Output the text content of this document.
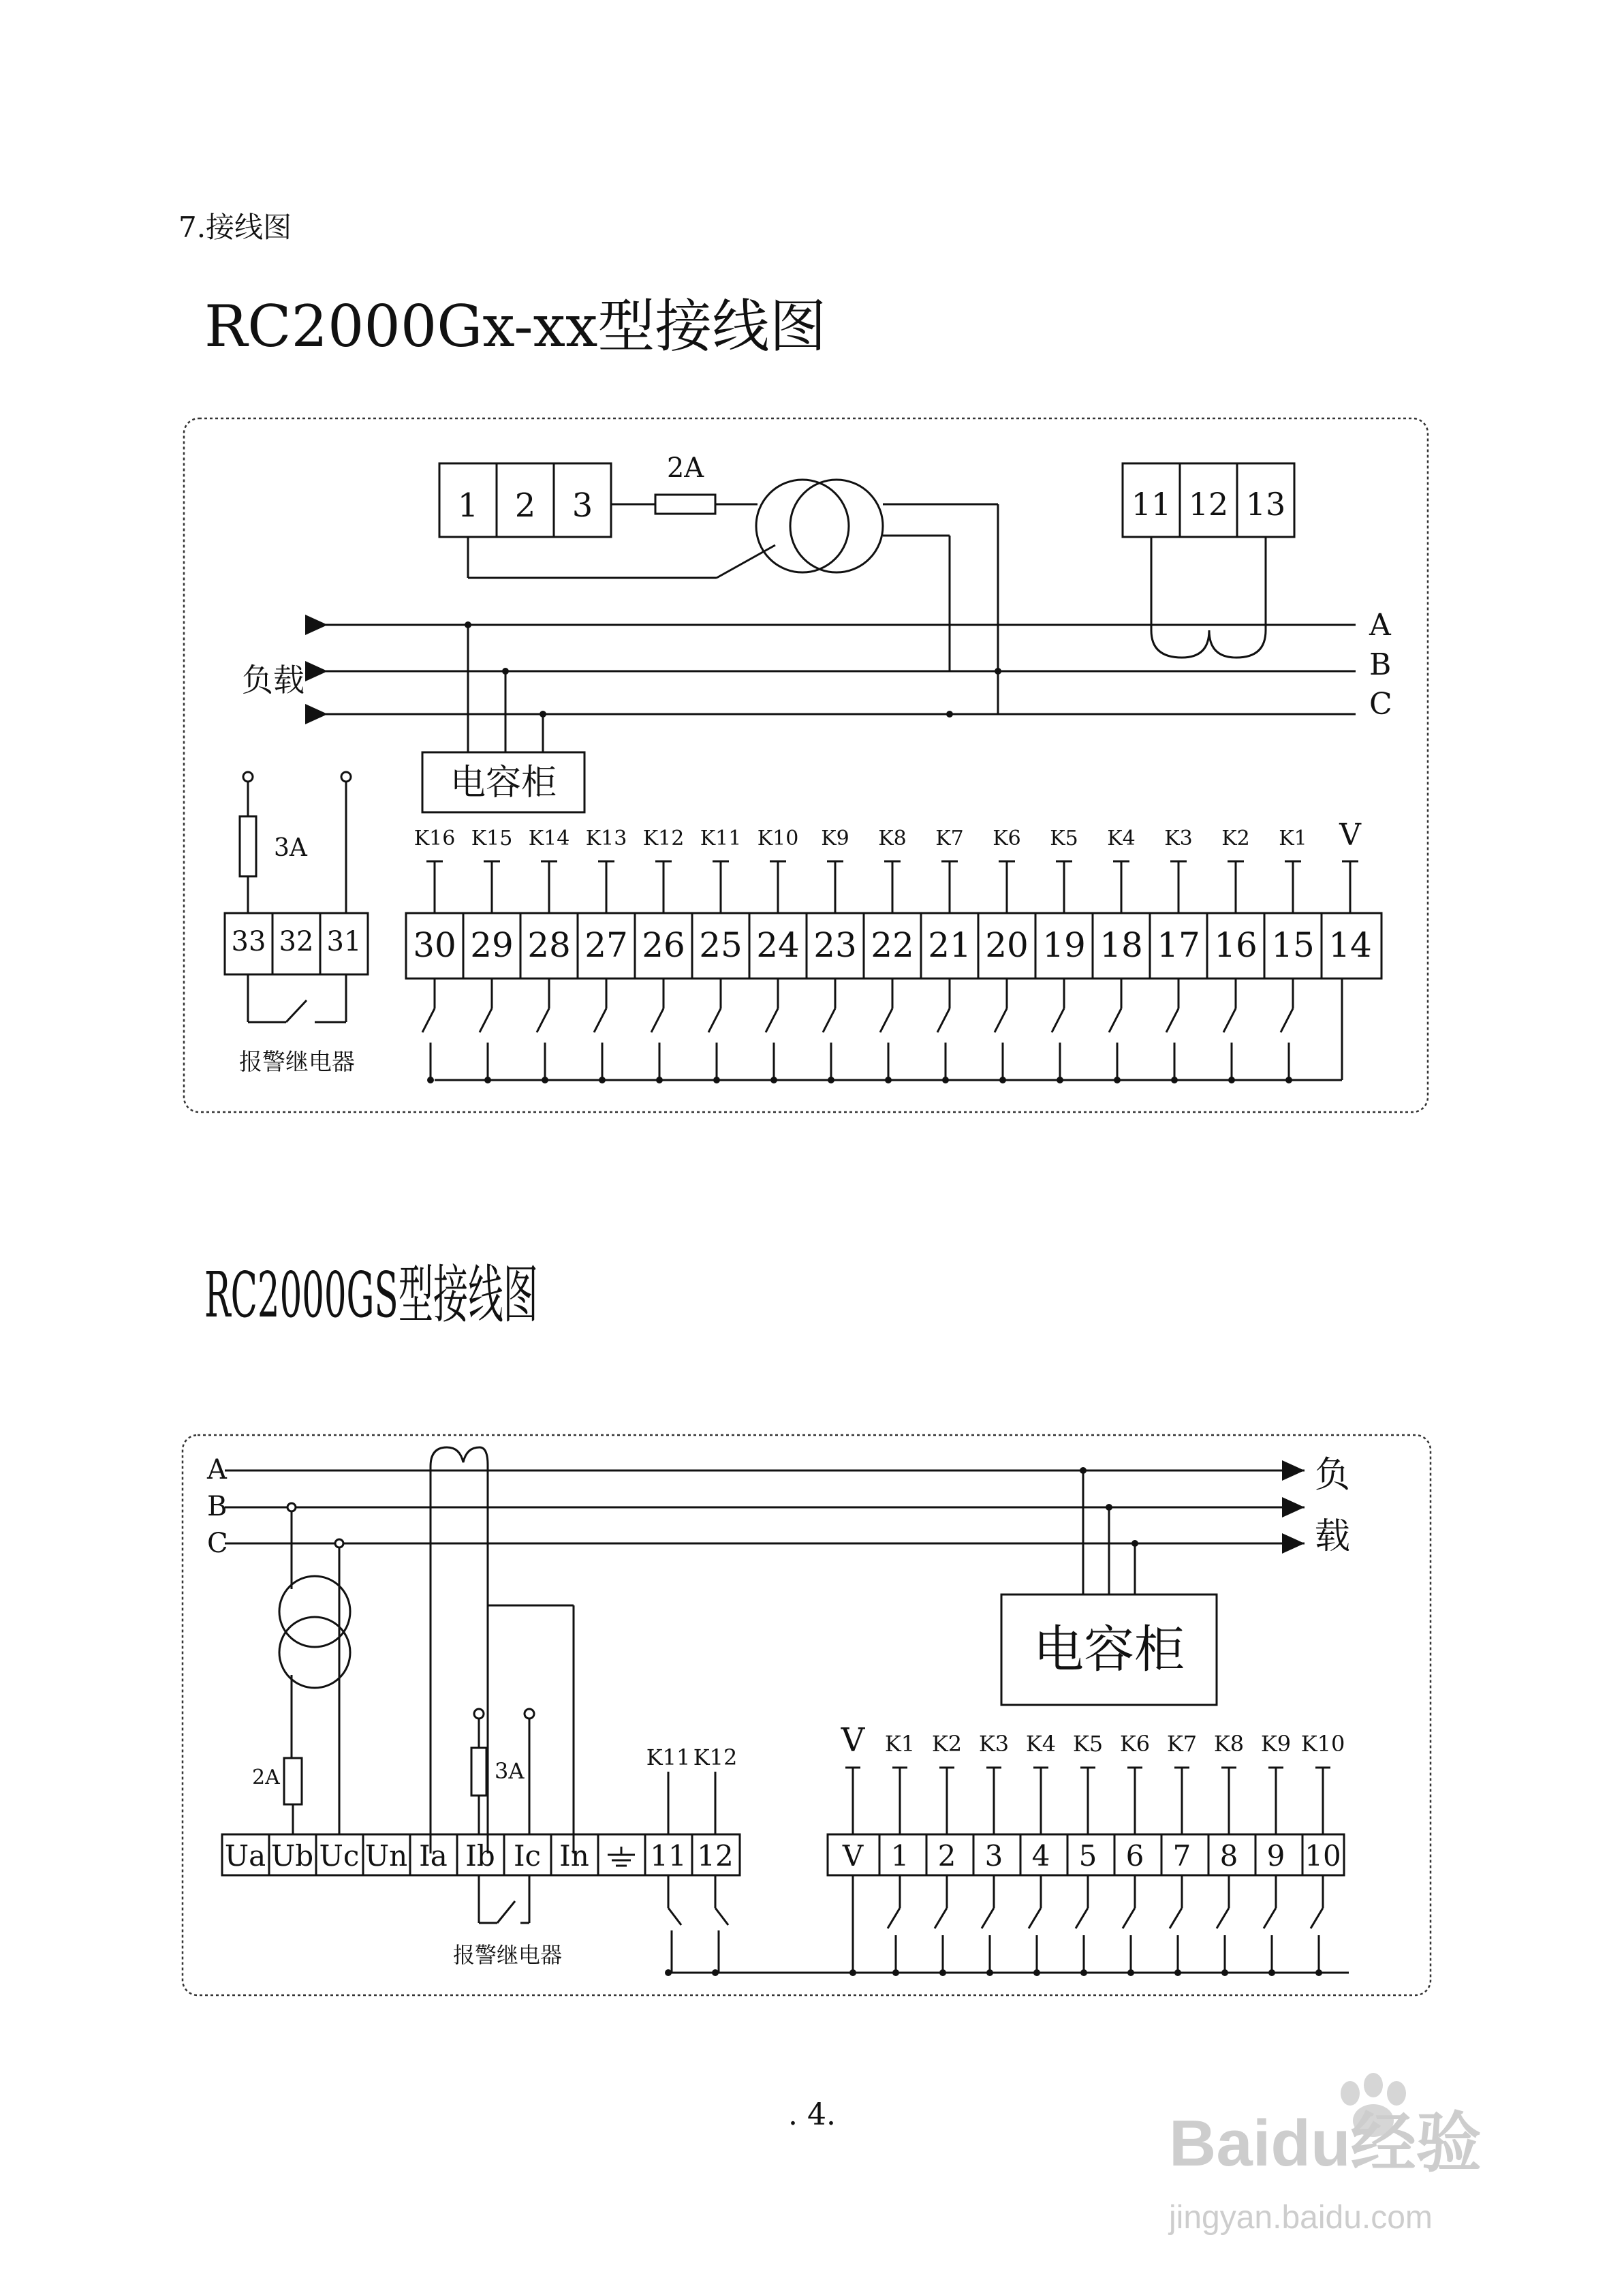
7.接线图
RC2000Gx-xx型接线图
1 2 3
2A
11 12 13
A
B
C
负载
电容柜
3A
33 32 31
报警继电器
K16 K15 K14 K13 K12 K11 K10 K9 K8 K7 K6 K5 K4 K3 K2 K1 V
30 29 28 27 26 25 24 23 22 21 20 19 18 17 16 15 14
RC2000GS型接线图
A
B
C
负
载
电容柜
2A	3A
报警继电器
Ua Ub Uc Un Ia Ib Ic In 11 12
K11 K12	V K1 K2 K3 K4 K5 K6 K7 K8 K9 K10
V 1 2 3 4 5 6 7 8 9 10
. 4.	Baidu经验
jingyan.baidu.com
